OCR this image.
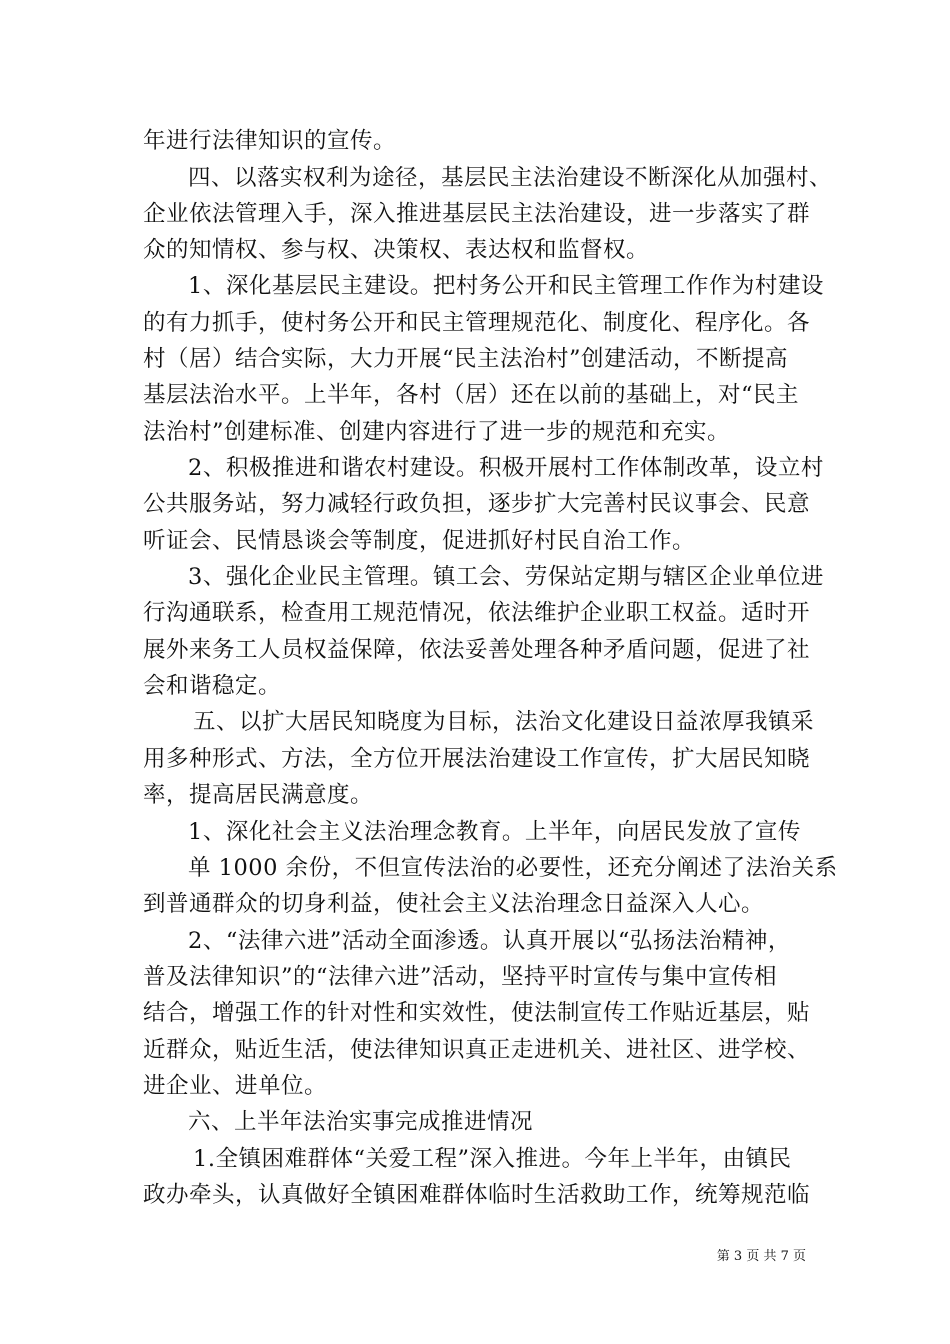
年进行法律知识的宣传。
四、以落实权利为途径，基层民主法治建设不断深化从加强村、
企业依法管理入手，深入推进基层民主法治建设，进一步落实了群
众的知情权、参与权、决策权、表达权和监督权。
1、深化基层民主建设。把村务公开和民主管理工作作为村建设
的有力抓手，使村务公开和民主管理规范化、制度化、程序化。各
村（居）结合实际，大力开展“民主法治村”创建活动，不断提高
基层法治水平。上半年，各村（居）还在以前的基础上，对“民主
法治村”创建标准、创建内容进行了进一步的规范和充实。
2、积极推进和谐农村建设。积极开展村工作体制改革，设立村
公共服务站，努力减轻行政负担，逐步扩大完善村民议事会、民意
听证会、民情恳谈会等制度，促进抓好村民自治工作。
3、强化企业民主管理。镇工会、劳保站定期与辖区企业单位进
行沟通联系，检查用工规范情况，依法维护企业职工权益。适时开
展外来务工人员权益保障，依法妥善处理各种矛盾问题，促进了社
会和谐稳定。
五、以扩大居民知晓度为目标，法治文化建设日益浓厚我镇采
用多种形式、方法，全方位开展法治建设工作宣传，扩大居民知晓
率，提高居民满意度。
1、深化社会主义法治理念教育。上半年，向居民发放了宣传
单 1000 余份，不但宣传法治的必要性，还充分阐述了法治关系
到普通群众的切身利益，使社会主义法治理念日益深入人心。
2、“法律六进”活动全面渗透。认真开展以“弘扬法治精神，
普及法律知识”的“法律六进”活动，坚持平时宣传与集中宣传相
结合，增强工作的针对性和实效性，使法制宣传工作贴近基层，贴
近群众，贴近生活，使法律知识真正走进机关、进社区、进学校、
进企业、进单位。
六、上半年法治实事完成推进情况
1.全镇困难群体“关爱工程”深入推进。今年上半年，由镇民
政办牵头，认真做好全镇困难群体临时生活救助工作，统筹规范临
第 3 页 共 7 页
